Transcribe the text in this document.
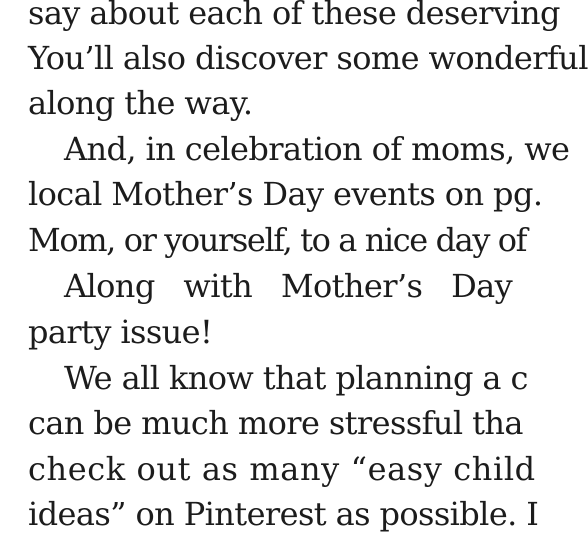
say about each of these deserving
You’ll also discover some wonderful
along the way.
And, in celebration of moms, we
local Mother’s Day events on pg.
Mom, or yourself, to a nice day of
Along   with   Mother’s   Day
party issue!
We all know that planning a c
can be much more stressful tha
check out as many “easy child
ideas” on Pinterest as possible. I
